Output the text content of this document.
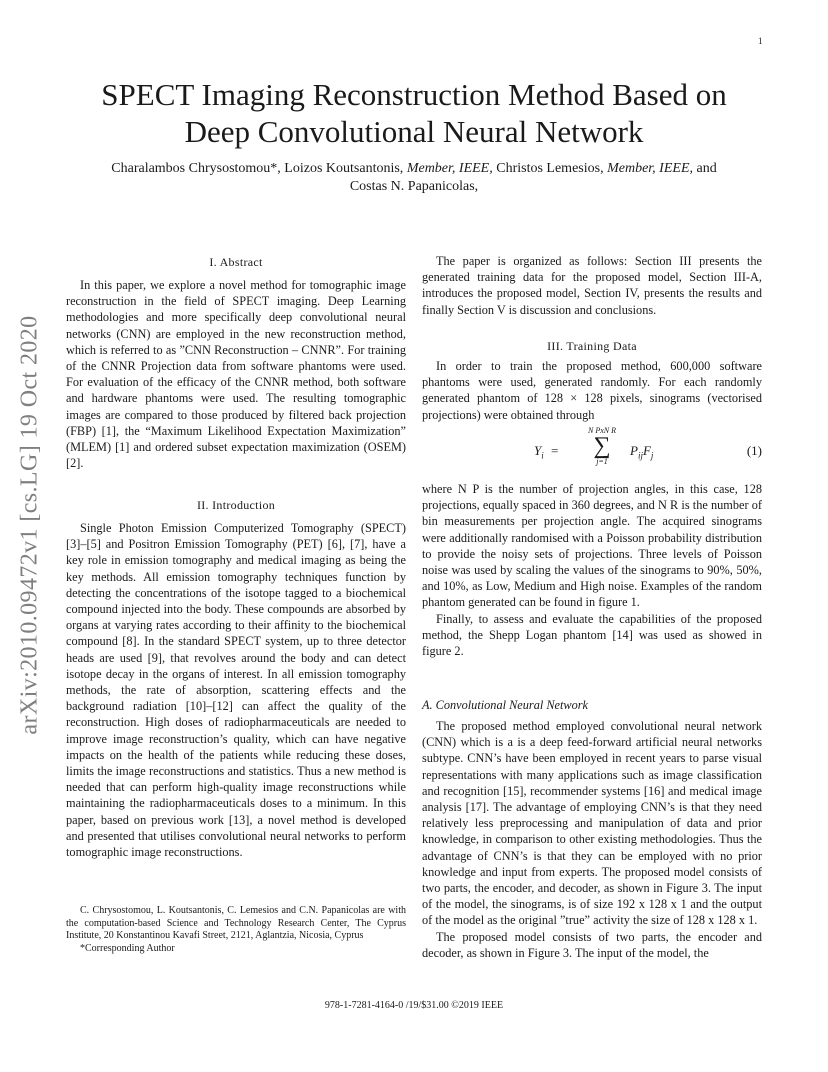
1
arXiv:2010.09472v1 [cs.LG] 19 Oct 2020
SPECT Imaging Reconstruction Method Based on
Deep Convolutional Neural Network
Charalambos Chrysostomou*, Loizos Koutsantonis, Member, IEEE, Christos Lemesios, Member, IEEE, and
Costas N. Papanicolas,
I. Abstract

In this paper, we explore a novel method for tomographic image reconstruction in the field of SPECT imaging. Deep Learning methodologies and more specifically deep convolutional neural networks (CNN) are employed in the new reconstruction method, which is referred to as ”CNN Reconstruction – CNNR”. For training of the CNNR Projection data from software phantoms were used. For evaluation of the efficacy of the CNNR method, both software and hardware phantoms were used. The resulting tomographic images are compared to those produced by filtered back projection (FBP) [1], the “Maximum Likelihood Expectation Maximization” (MLEM) [1] and ordered subset expectation maximization (OSEM) [2].

II. Introduction

Single Photon Emission Computerized Tomography (SPECT) [3]–[5] and Positron Emission Tomography (PET) [6], [7], have a key role in emission tomography and medical imaging as being the key methods. All emission tomography techniques function by detecting the concentrations of the isotope tagged to a biochemical compound injected into the body. These compounds are absorbed by organs at varying rates according to their affinity to the biochemical compound [8]. In the standard SPECT system, up to three detector heads are used [9], that revolves around the body and can detect isotope decay in the organs of interest. In all emission tomography methods, the rate of absorption, scattering effects and the background radiation [10]–[12] can affect the quality of the reconstruction. High doses of radiopharmaceuticals are needed to improve image reconstruction’s quality, which can have negative impacts on the health of the patients while reducing these doses, limits the image reconstructions and statistics. Thus a new method is needed that can perform high-quality image reconstructions while maintaining the radiopharmaceuticals doses to a minimum. In this paper, based on previous work [13], a novel method is developed and presented that utilises convolutional neural networks to perform tomographic image reconstructions.

C. Chrysostomou, L. Koutsantonis, C. Lemesios and C.N. Papanicolas are with the computation-based Science and Technology Research Center, The Cyprus Institute, 20 Konstantinou Kavafi Street, 2121, Aglantzia, Nicosia, Cyprus

*Corresponding Author

The paper is organized as follows: Section III presents the generated training data for the proposed model, Section III-A, introduces the proposed model, Section IV, presents the results and finally Section V is discussion and conclusions.

III. Training Data

In order to train the proposed method, 600,000 software phantoms were used, generated randomly. For each randomly generated phantom of 128 × 128 pixels, sinograms (vectorised projections) were obtained through

$Y_i$ =
N PxN R
∑
j=1
$P_{ij}F_j$	(1)

where N P is the number of projection angles, in this case, 128 projections, equally spaced in 360 degrees, and N R is the number of bin measurements per projection angle. The acquired sinograms were additionally randomised with a Poisson probability distribution to provide the noisy sets of projections. Three levels of Poisson noise was used by scaling the values of the sinograms to 90%, 50%, and 10%, as Low, Medium and High noise. Examples of the random phantom generated can be found in figure 1.

Finally, to assess and evaluate the capabilities of the proposed method, the Shepp Logan phantom [14] was used as showed in figure 2.

A. Convolutional Neural Network

The proposed method employed convolutional neural network (CNN) which is a is a deep feed-forward artificial neural networks subtype. CNN’s have been employed in recent years to parse visual representations with many applications such as image classification and recognition [15], recommender systems [16] and medical image analysis [17]. The advantage of employing CNN’s is that they need relatively less preprocessing and manipulation of data and prior knowledge, in comparison to other existing methodologies. Thus the advantage of CNN’s is that they can be employed with no prior knowledge and input from experts. The proposed model consists of two parts, the encoder, and decoder, as shown in Figure 3. The input of the model, the sinograms, is of size 192 x 128 x 1 and the output of the model as the original ”true” activity the size of 128 x 128 x 1.

The proposed model consists of two parts, the encoder and decoder, as shown in Figure 3. The input of the model, the

978-1-7281-4164-0 /19/$31.00 ©2019 IEEE
